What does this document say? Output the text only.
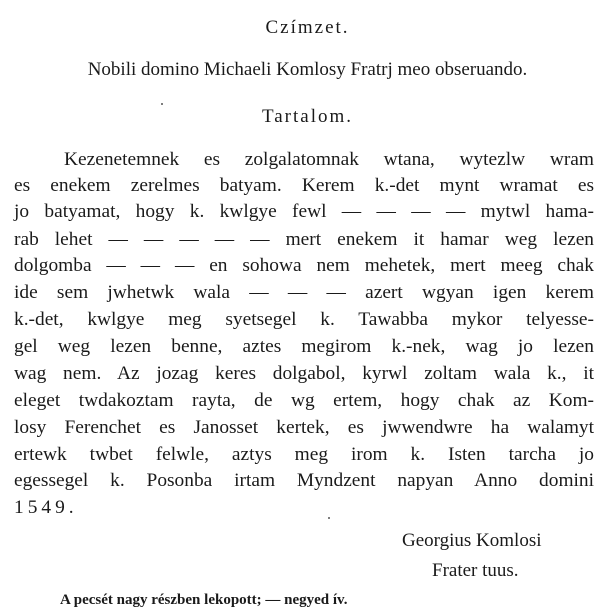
Czímzet.
Nobili domino Michaeli Komlosy Fratrj meo obseruando.
Tartalom.
Kezenetemnek es zolgalatomnak wtana, wytezlw wram
es enekem zerelmes batyam. Kerem k.-det mynt wramat es
jo batyamat, hogy k. kwlgye fewl — — — — mytwl hama-
rab lehet — — — — — mert enekem it hamar weg lezen
dolgomba — — — en sohowa nem mehetek, mert meeg chak
ide sem jwhetwk wala — — — azert wgyan igen kerem
k.-det, kwlgye meg syetsegel k. Tawabba mykor telyesse-
gel weg lezen benne, aztes megirom k.-nek, wag jo lezen
wag nem. Az jozag keres dolgabol, kyrwl zoltam wala k., it
eleget twdakoztam rayta, de wg ertem, hogy chak az Kom-
losy Ferenchet es Janosset kertek, es jwwendwre ha walamyt
ertewk twbet felwle, aztys meg irom k. Isten tarcha jo
egessegel k. Posonba irtam Myndzent napyan Anno domini
1549.
Georgius Komlosi
Frater tuus.
A pecsét nagy részben lekopott; — negyed ív.
